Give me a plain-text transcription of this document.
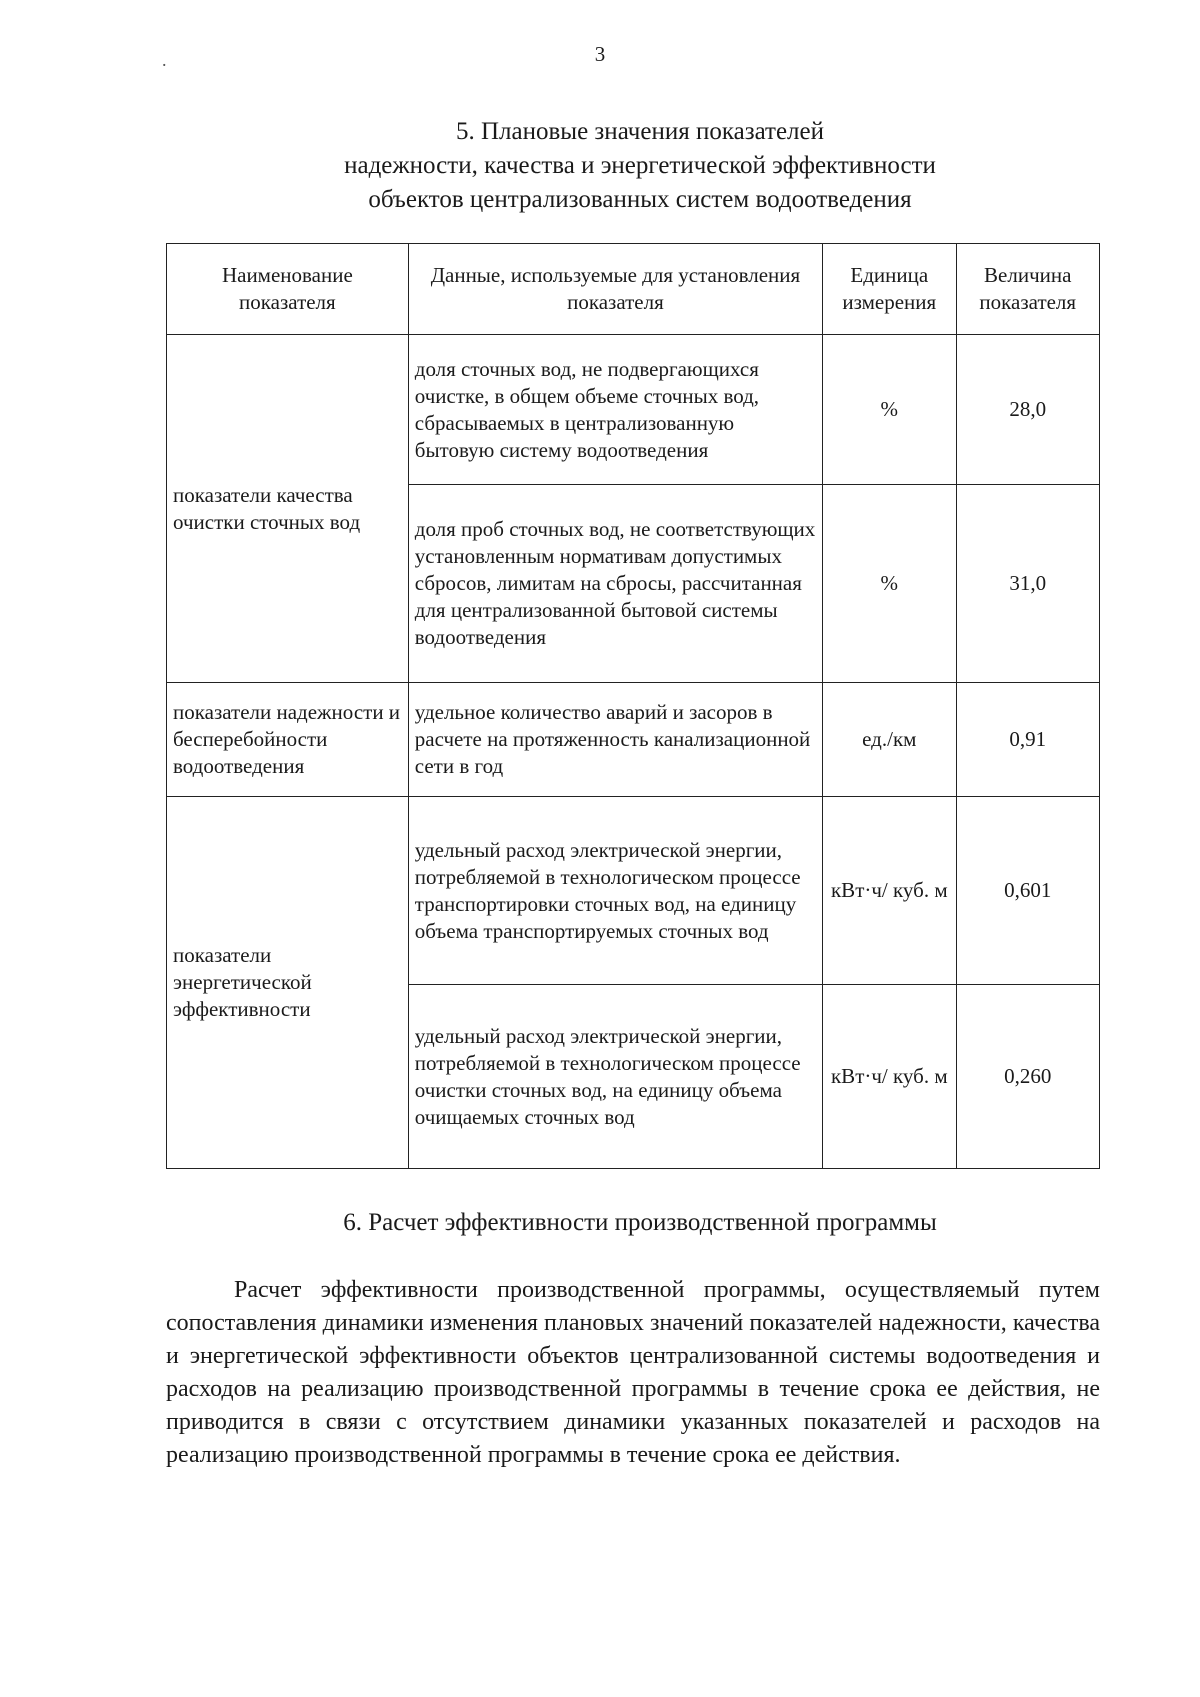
3
.
5. Плановые значения показателей
надежности, качества и энергетической эффективности
объектов централизованных систем водоотведения
Наименование показателя	Данные, используемые для установления показателя	Единица измерения	Величина показателя
показатели качества очистки сточных вод	доля сточных вод, не подвергающихся очистке, в общем объеме сточных вод, сбрасываемых в централизованную бытовую систему водоотведения	%	28,0
	доля проб сточных вод, не соответствующих установленным нормативам допустимых сбросов, лимитам на сбросы, рассчитанная для централизованной бытовой системы водоотведения	%	31,0
показатели надежности и бесперебойности водоотведения	удельное количество аварий и засоров в расчете на протяженность канализационной сети в год	ед./км	0,91
показатели энергетической эффективности	удельный расход электрической энергии, потребляемой в технологическом процессе транспортировки сточных вод, на единицу объема транспортируемых сточных вод	кВт·ч/ куб. м	0,601
	удельный расход электрической энергии, потребляемой в технологическом процессе очистки сточных вод, на единицу объема очищаемых сточных вод	кВт·ч/ куб. м	0,260
6. Расчет эффективности производственной программы

Расчет эффективности производственной программы, осуществляемый путем сопоставления динамики изменения плановых значений показателей надежности, качества и энергетической эффективности объектов централизованной системы водоотведения и расходов на реализацию производственной программы в течение срока ее действия, не приводится в связи с отсутствием динамики указанных показателей и расходов на реализацию производственной программы в течение срока ее действия.
